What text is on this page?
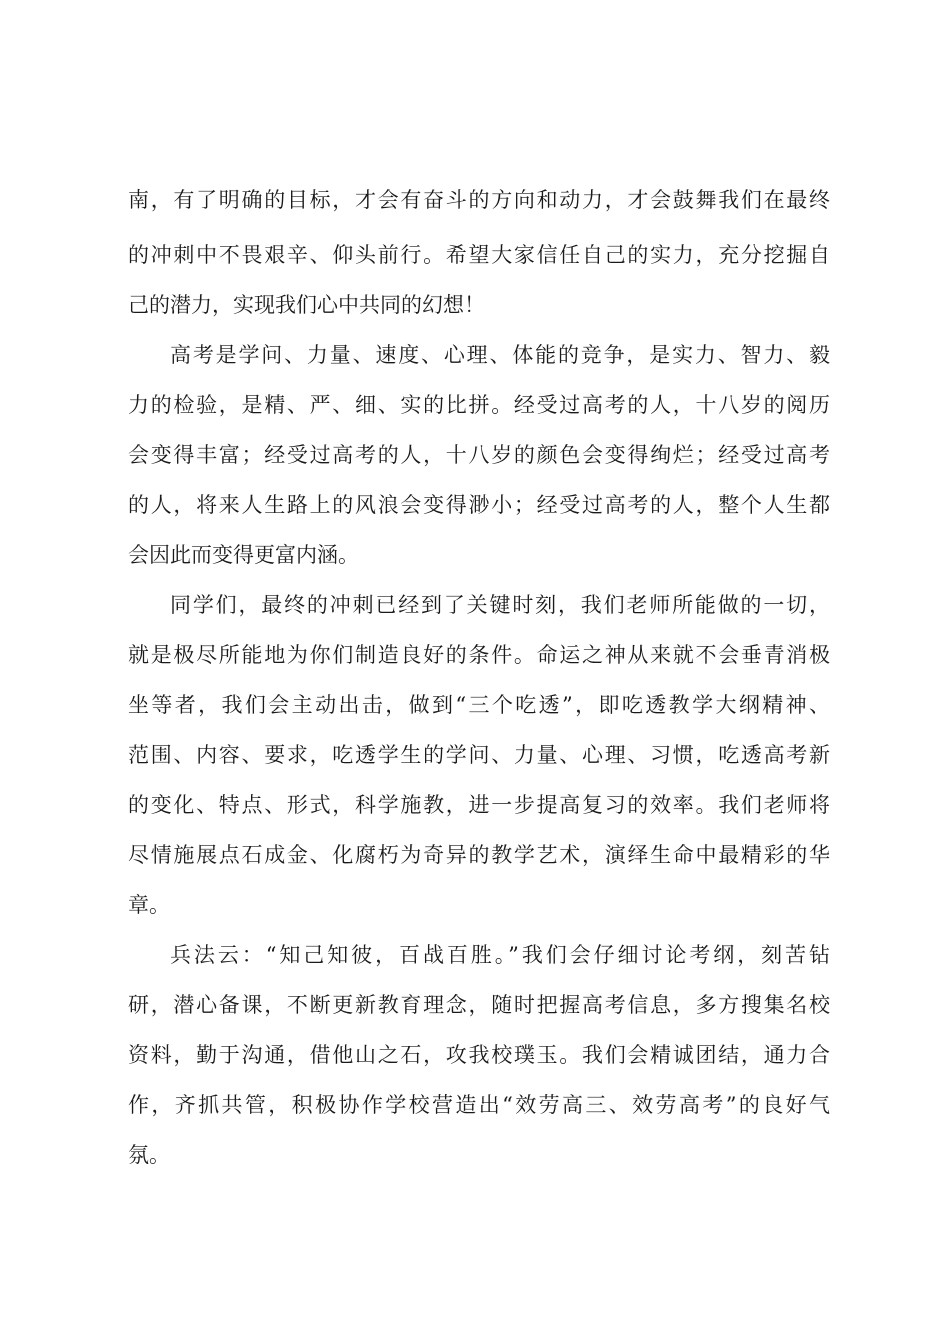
南，有了明确的目标，才会有奋斗的方向和动力，才会鼓舞我们在最终
的冲刺中不畏艰辛、仰头前行。希望大家信任自己的实力，充分挖掘自
己的潜力，实现我们心中共同的幻想！
高考是学问、力量、速度、心理、体能的竞争，是实力、智力、毅
力的检验，是精、严、细、实的比拼。经受过高考的人，十八岁的阅历
会变得丰富；经受过高考的人，十八岁的颜色会变得绚烂；经受过高考
的人，将来人生路上的风浪会变得渺小；经受过高考的人，整个人生都
会因此而变得更富内涵。
同学们，最终的冲刺已经到了关键时刻，我们老师所能做的一切，
就是极尽所能地为你们制造良好的条件。命运之神从来就不会垂青消极
坐等者，我们会主动出击，做到“三个吃透”，即吃透教学大纲精神、
范围、内容、要求，吃透学生的学问、力量、心理、习惯，吃透高考新
的变化、特点、形式，科学施教，进一步提高复习的效率。我们老师将
尽情施展点石成金、化腐朽为奇异的教学艺术，演绎生命中最精彩的华
章。
兵法云：“知己知彼，百战百胜。”我们会仔细讨论考纲，刻苦钻
研，潜心备课，不断更新教育理念，随时把握高考信息，多方搜集名校
资料，勤于沟通，借他山之石，攻我校璞玉。我们会精诚团结，通力合
作，齐抓共管，积极协作学校营造出“效劳高三、效劳高考”的良好气
氛。
